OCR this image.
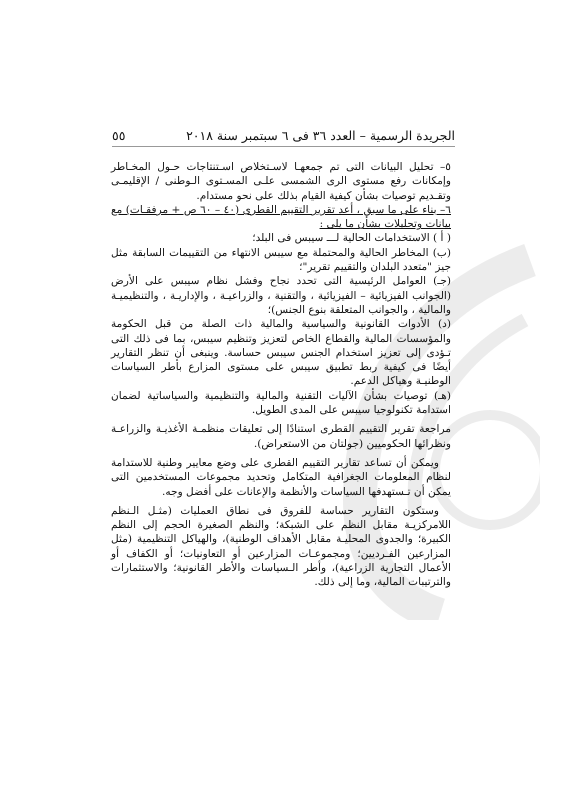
الجريدة الرسمية – العدد ٣٦ فى ٦ سبتمبر سنة ٢٠١٨
٥٥

٥– تحليل البيانات التى تم جمعهـا لاسـتخلاص اسـتنتاجات حـول المخـاطر وإمكانات رفع مستوى الرى الشمسى علـى المسـتوى الـوطنى / الإقليمـى وتقـديم توصيات بشأن كيفية القيام بذلك على نحو مستدام.

٦– بناء على ما سبق ، أعد تقرير التقييم القطرى (٤٠ – ٦٠ ص + مرفقـات) مع بيانات وتحليلات بشأن ما يلى :

( أ ) الاستخدامات الحالية لـــ سيبس فى البلد؛

(ب) المخاطر الحالية والمحتملة مع سيبس الانتهاء من التقييمات السابقة مثل جيز "متعدد البلدان والتقييم تقرير"؛

(جـ) العوامل الرئيسية التى تحدد نجاح وفشل نظام سيبس على الأرض (الجوانب الفيزيائية – الفيزيائية ، والتقنية ، والزراعيـة ، والإداريـة ، والتنظيميـة والمالية ، والجوانب المتعلقة بنوع الجنس)؛

(د) الأدوات القانونية والسياسية والمالية ذات الصلة من قبل الحكومة والمؤسسات المالية والقطاع الخاص لتعزيز وتنظيم سيبس، بما فى ذلك التى تـؤدى إلى تعزيز استخدام الجنس سيبس حساسة. وينبغى أن تنظر التقارير أيضًا فى كيفية ربط تطبيق سيبس على مستوى المزارع بأطر السياسات الوطنيـة وهياكل الدعم.

(هـ) توصيات بشأن الآليات التقنية والمالية والتنظيمية والسياساتية لضمان استدامة تكنولوجيا سيبس على المدى الطويل.

مراجعة تقرير التقييم القطرى استنادًا إلى تعليقات منظمـة الأغذيـة والزراعـة ونظرائها الحكوميين (جولتان من الاستعراض).

ويمكن أن تساعد تقارير التقييم القطرى على وضع معايير وطنية للاستدامة لنظام المعلومات الجغرافية المتكامل وتحديد مجموعات المستخدمين التى يمكن أن تـستهدفها السياسات والأنظمة والإعانات على أفضل وجه.

وستكون التقارير حساسة للفروق فى نطاق العمليات (مثـل الـنظم اللامركزيـة مقابل النظم على الشبكة؛ والنظم الصغيرة الحجم إلى النظم الكبيرة؛ والجدوى المحليـة مقابل الأهداف الوطنية)، والهياكل التنظيمية (مثل المزارعين الفـرديين؛ ومجموعـات المزارعين أو التعاونيات؛ أو الكفاف أو الأعمال التجارية الزراعية)، وأطر الـسياسات والأطر القانونية؛ والاستثمارات والترتيبات المالية، وما إلى ذلك.
